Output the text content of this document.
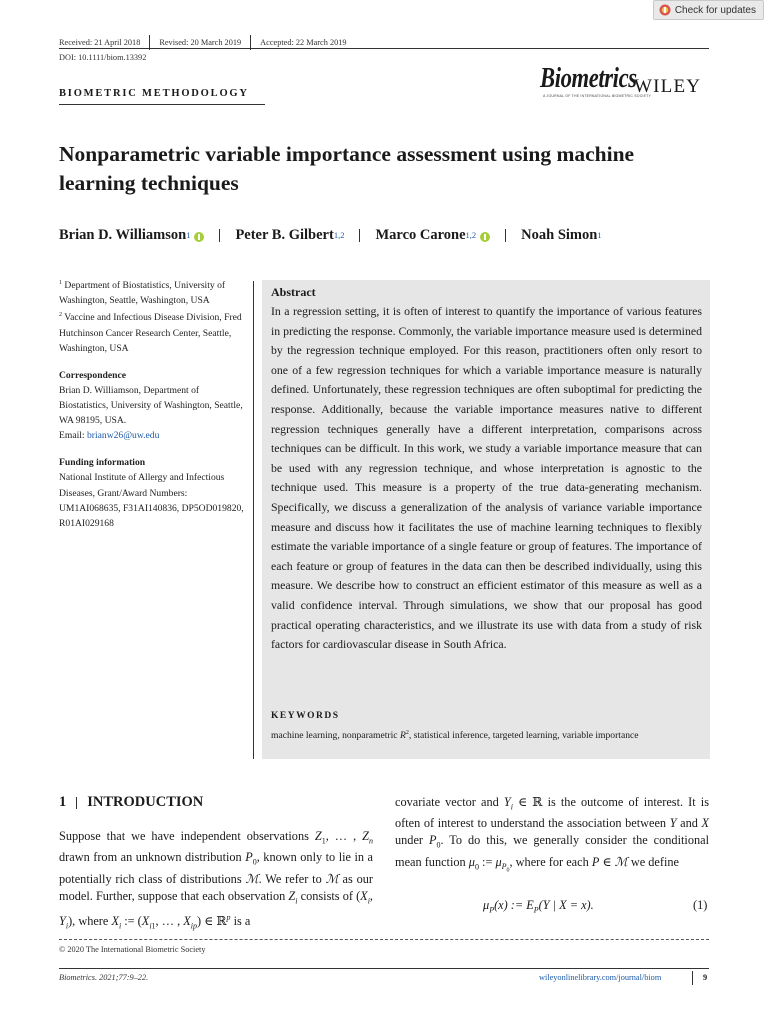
Check for updates
Received: 21 April 2018 Revised: 20 March 2019 Accepted: 22 March 2019
DOI: 10.1111/biom.13392
BIOMETRIC METHODOLOGY	Biometrics
A JOURNAL OF THE INTERNATIONAL BIOMETRIC SOCIETY
WILEY
Nonparametric variable importance assessment using machine learning techniques
Brian D. Williamson$^1$	Peter B. Gilbert$^{1,2}$ Marco Carone$^{1,2}$	Noah Simon$^1$

$^1$ Department of Biostatistics, University of Washington, Seattle, Washington, USA

$^2$ Vaccine and Infectious Disease Division, Fred Hutchinson Cancer Research Center, Seattle, Washington, USA

Correspondence

Brian D. Williamson, Department of Biostatistics, University of Washington, Seattle, WA 98195, USA.

Email: brianw26@uw.edu

Funding information

National Institute of Allergy and Infectious Diseases, Grant/Award Numbers: UM1AI068635, F31AI140836, DP5OD019820, R01AI029168

Abstract
In a regression setting, it is often of interest to quantify the importance of various features in predicting the response. Commonly, the variable importance measure used is determined by the regression technique employed. For this reason, practitioners often only resort to one of a few regression techniques for which a variable importance measure is naturally defined. Unfortunately, these regression techniques are often suboptimal for predicting the response. Additionally, because the variable importance measures native to different regression techniques generally have a different interpretation, comparisons across techniques can be difficult. In this work, we study a variable importance measure that can be used with any regression technique, and whose interpretation is agnostic to the technique used. This measure is a property of the true data-generating mechanism. Specifically, we discuss a generalization of the analysis of variance variable importance measure and discuss how it facilitates the use of machine learning techniques to flexibly estimate the variable importance of a single feature or group of features. The importance of each feature or group of features in the data can then be described individually, using this measure. We describe how to construct an efficient estimator of this measure as well as a valid confidence interval. Through simulations, we show that our proposal has good practical operating characteristics, and we illustrate its use with data from a study of risk factors for cardiovascular disease in South Africa.
KEYWORDS
machine learning, nonparametric $R^2$, statistical inference, targeted learning, variable importance
1 INTRODUCTION

Suppose that we have independent observations $Z_1$, … , $Z_n$ drawn from an unknown distribution $P_0$, known only to lie in a potentially rich class of distributions ℳ. We refer to ℳ as our model. Further, suppose that each observation $Z_i$ consists of ($X_i$, $Y_i$), where $X_i$ := ($X_{i1}$, … , $X_{ip}$) ∈ ℝ$^p$ is a

covariate vector and $Y_i$ ∈ ℝ is the outcome of interest. It is often of interest to understand the association between Y and X under $P_0$. To do this, we generally consider the conditional mean function $\mu_0$ := $\mu_{P_0}$, where for each P ∈ ℳ we define

$\mu_P(x)$ := $E_P(Y$ | X = x).	(1)
© 2020 The International Biometric Society
Biometrics. 2021;77:9–22.	wileyonlinelibrary.com/journal/biom	9
